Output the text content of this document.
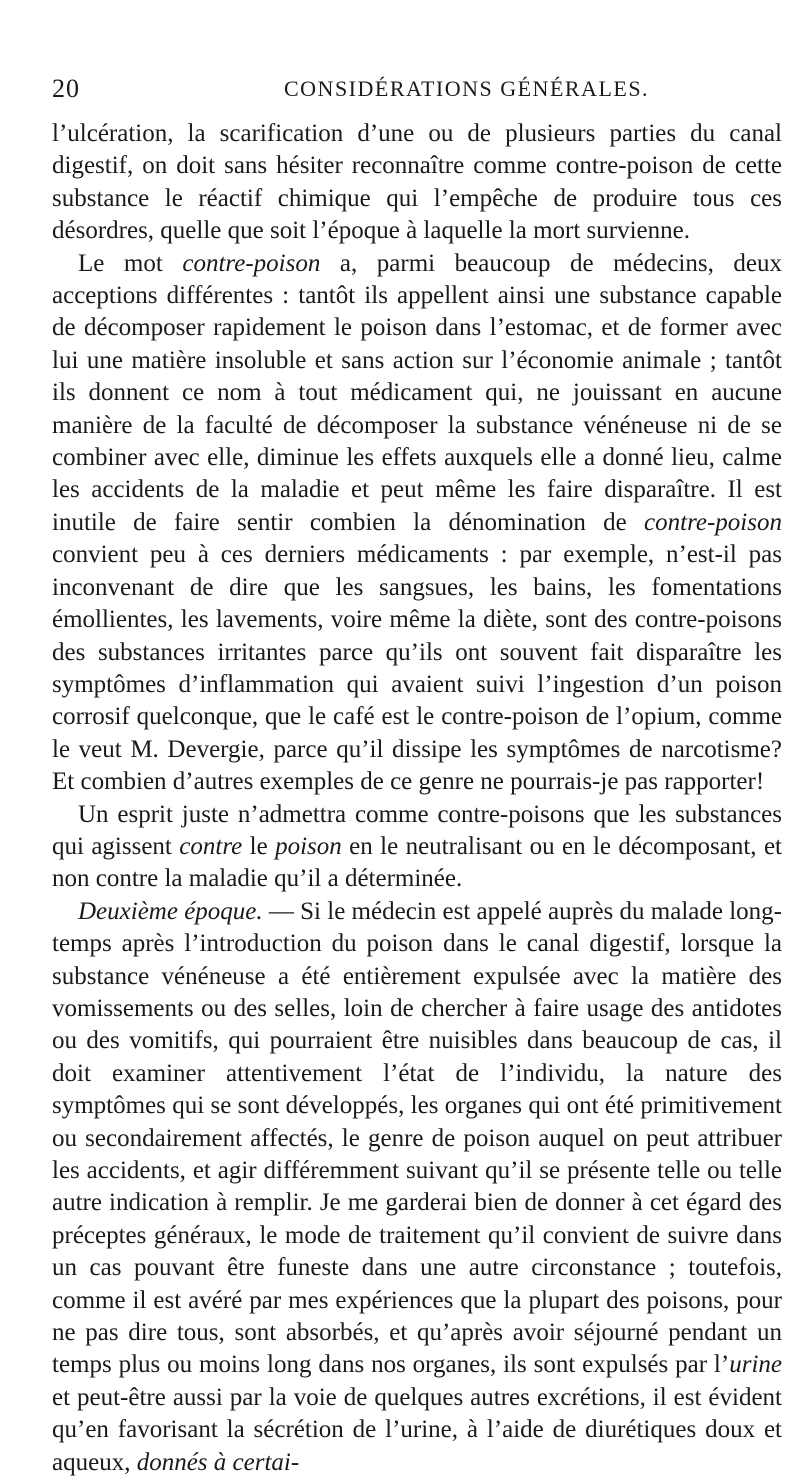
20	CONSIDÉRATIONS GÉNÉRALES.

l’ulcération, la scarification d’une ou de plusieurs parties du canal digestif, on doit sans hésiter reconnaître comme contre-poison de cette substance le réactif chimique qui l’empêche de produire tous ces désordres, quelle que soit l’époque à laquelle la mort survienne.

Le mot contre-poison a, parmi beaucoup de médecins, deux acceptions différentes : tantôt ils appellent ainsi une substance capable de décomposer rapidement le poison dans l’estomac, et de former avec lui une matière insoluble et sans action sur l’économie animale ; tantôt ils donnent ce nom à tout médicament qui, ne jouissant en aucune manière de la faculté de décomposer la substance vénéneuse ni de se combiner avec elle, diminue les effets auxquels elle a donné lieu, calme les accidents de la maladie et peut même les faire disparaître. Il est inutile de faire sentir combien la dénomination de contre-poison convient peu à ces derniers médicaments : par exemple, n’est-il pas inconvenant de dire que les sangsues, les bains, les fomentations émollientes, les lavements, voire même la diète, sont des contre-poisons des substances irritantes parce qu’ils ont souvent fait disparaître les symptômes d’inflammation qui avaient suivi l’ingestion d’un poison corrosif quelconque, que le café est le contre-poison de l’opium, comme le veut M. Devergie, parce qu’il dissipe les symptômes de narcotisme? Et combien d’autres exemples de ce genre ne pourrais-je pas rapporter!

Un esprit juste n’admettra comme contre-poisons que les substances qui agissent contre le poison en le neutralisant ou en le décomposant, et non contre la maladie qu’il a déterminée.

Deuxième époque. — Si le médecin est appelé auprès du malade long-temps après l’introduction du poison dans le canal digestif, lorsque la substance vénéneuse a été entièrement expulsée avec la matière des vomissements ou des selles, loin de chercher à faire usage des antidotes ou des vomitifs, qui pourraient être nuisibles dans beaucoup de cas, il doit examiner attentivement l’état de l’individu, la nature des symptômes qui se sont développés, les organes qui ont été primitivement ou secondairement affectés, le genre de poison auquel on peut attribuer les accidents, et agir différemment suivant qu’il se présente telle ou telle autre indication à remplir. Je me garderai bien de donner à cet égard des préceptes généraux, le mode de traitement qu’il convient de suivre dans un cas pouvant être funeste dans une autre circonstance ; toutefois, comme il est avéré par mes expériences que la plupart des poisons, pour ne pas dire tous, sont absorbés, et qu’après avoir séjourné pendant un temps plus ou moins long dans nos organes, ils sont expulsés par l’urine et peut-être aussi par la voie de quelques autres excrétions, il est évident qu’en favorisant la sécrétion de l’urine, à l’aide de diurétiques doux et aqueux, donnés à certai-
